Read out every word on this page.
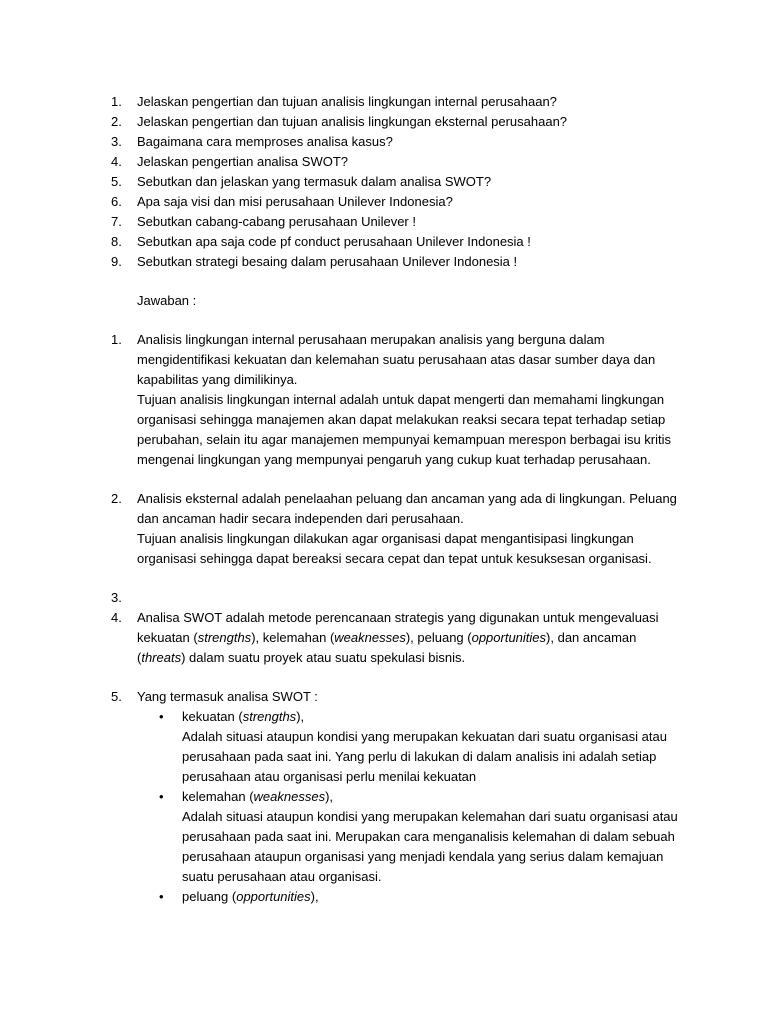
1. Jelaskan pengertian dan tujuan analisis lingkungan internal perusahaan?
2. Jelaskan pengertian dan tujuan analisis lingkungan eksternal perusahaan?
3. Bagaimana cara memproses analisa kasus?
4. Jelaskan pengertian analisa SWOT?
5. Sebutkan dan jelaskan yang termasuk dalam analisa SWOT?
6. Apa saja visi dan misi perusahaan Unilever Indonesia?
7. Sebutkan cabang-cabang perusahaan Unilever !
8. Sebutkan apa saja code pf conduct perusahaan Unilever Indonesia !
9. Sebutkan strategi besaing dalam perusahaan Unilever Indonesia !
Jawaban :
1. Analisis lingkungan internal perusahaan merupakan analisis yang berguna dalam mengidentifikasi kekuatan dan kelemahan suatu perusahaan atas dasar sumber daya dan kapabilitas yang dimilikinya.

Tujuan analisis lingkungan internal adalah untuk dapat mengerti dan memahami lingkungan organisasi sehingga manajemen akan dapat melakukan reaksi secara tepat terhadap setiap perubahan, selain itu agar manajemen mempunyai kemampuan merespon berbagai isu kritis mengenai lingkungan yang mempunyai pengaruh yang cukup kuat terhadap perusahaan.

2. Analisis eksternal adalah penelaahan peluang dan ancaman yang ada di lingkungan. Peluang dan ancaman hadir secara independen dari perusahaan.

Tujuan analisis lingkungan dilakukan agar organisasi dapat mengantisipasi lingkungan organisasi sehingga dapat bereaksi secara cepat dan tepat untuk kesuksesan organisasi.

3.
4. Analisa SWOT adalah metode perencanaan strategis yang digunakan untuk mengevaluasi kekuatan (strengths), kelemahan (weaknesses), peluang (opportunities), dan ancaman (threats) dalam suatu proyek atau suatu spekulasi bisnis.

5. Yang termasuk analisa SWOT :

• kekuatan (strengths),

Adalah situasi ataupun kondisi yang merupakan kekuatan dari suatu organisasi atau perusahaan pada saat ini. Yang perlu di lakukan di dalam analisis ini adalah setiap perusahaan atau organisasi perlu menilai kekuatan

• kelemahan (weaknesses),

Adalah situasi ataupun kondisi yang merupakan kelemahan dari suatu organisasi atau perusahaan pada saat ini. Merupakan cara menganalisis kelemahan di dalam sebuah perusahaan ataupun organisasi yang menjadi kendala yang serius dalam kemajuan suatu perusahaan atau organisasi.

• peluang (opportunities),
